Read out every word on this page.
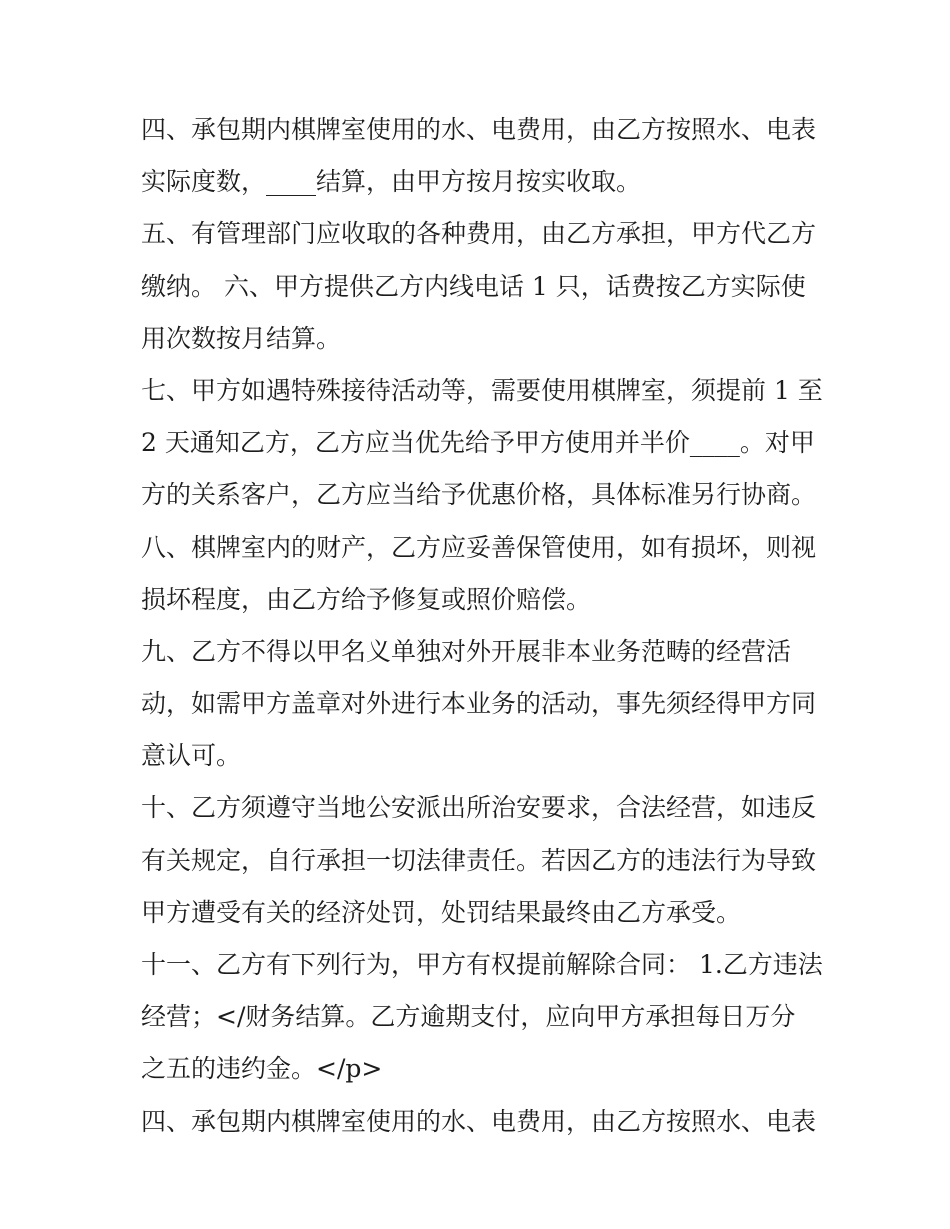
四、承包期内棋牌室使用的水、电费用，由乙方按照水、电表
实际度数，____结算，由甲方按月按实收取。
五、有管理部门应收取的各种费用，由乙方承担，甲方代乙方
缴纳。 六、甲方提供乙方内线电话 1 只，话费按乙方实际使
用次数按月结算。
七、甲方如遇特殊接待活动等，需要使用棋牌室，须提前 1 至
2 天通知乙方，乙方应当优先给予甲方使用并半价____。对甲
方的关系客户，乙方应当给予优惠价格，具体标准另行协商。
八、棋牌室内的财产，乙方应妥善保管使用，如有损坏，则视
损坏程度，由乙方给予修复或照价赔偿。
九、乙方不得以甲名义单独对外开展非本业务范畴的经营活
动，如需甲方盖章对外进行本业务的活动，事先须经得甲方同
意认可。
十、乙方须遵守当地公安派出所治安要求，合法经营，如违反
有关规定，自行承担一切法律责任。若因乙方的违法行为导致
甲方遭受有关的经济处罚，处罚结果最终由乙方承受。
十一、乙方有下列行为，甲方有权提前解除合同： 1.乙方违法
经营；</财务结算。乙方逾期支付，应向甲方承担每日万分
之五的违约金。</p>
四、承包期内棋牌室使用的水、电费用，由乙方按照水、电表
